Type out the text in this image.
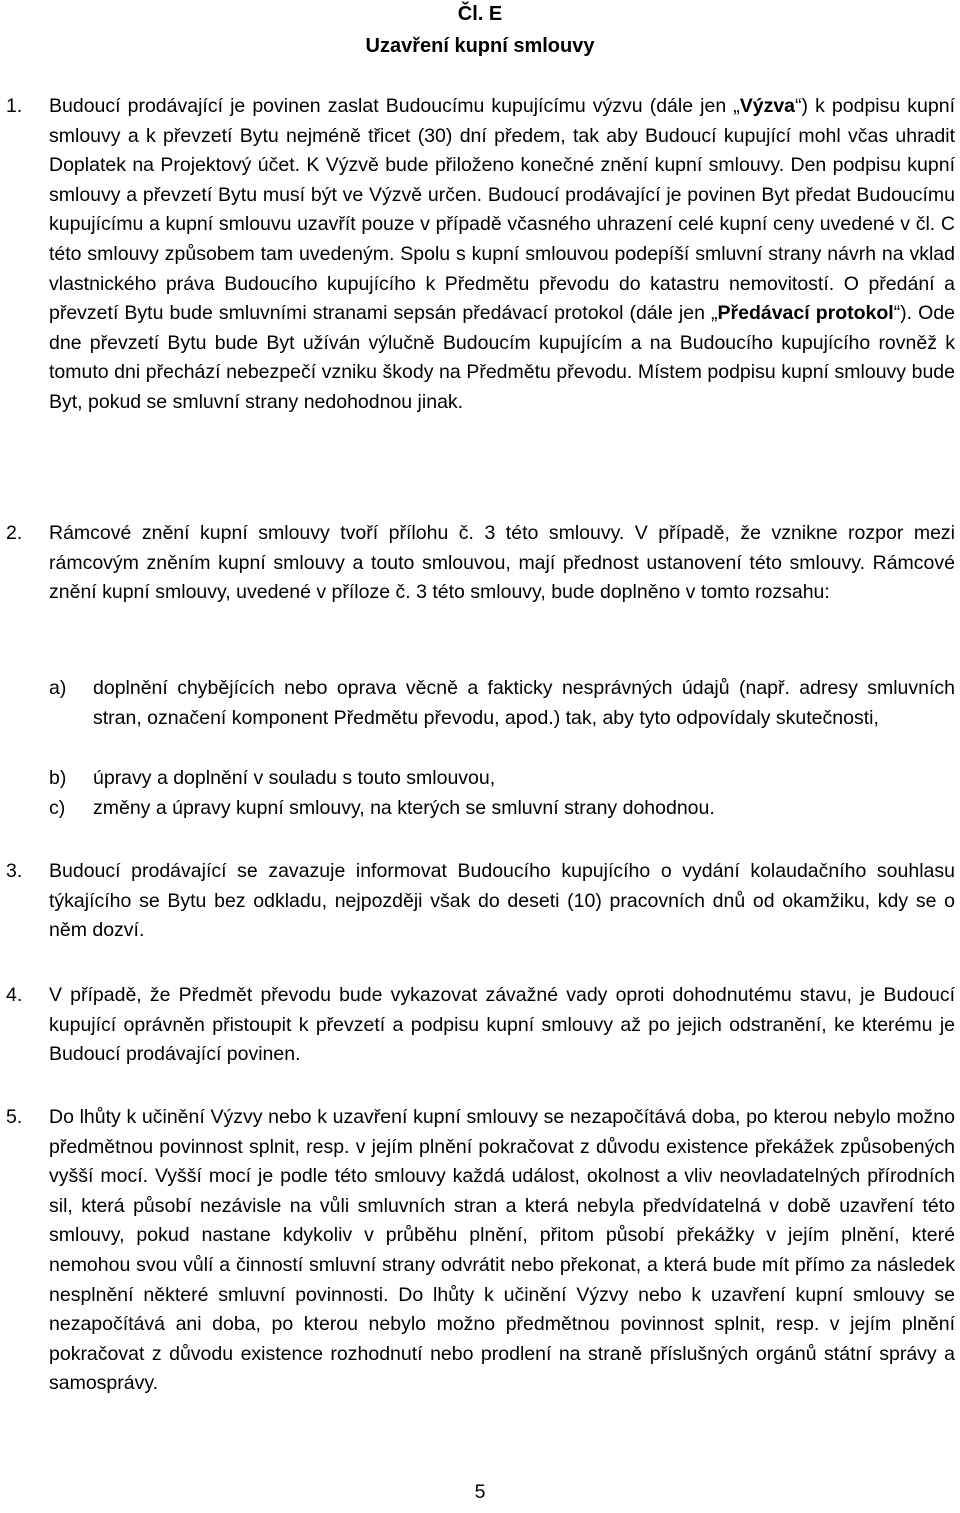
Čl. E
Uzavření kupní smlouvy
1. Budoucí prodávající je povinen zaslat Budoucímu kupujícímu výzvu (dále jen „Výzva“) k podpisu kupní smlouvy a k převzetí Bytu nejméně třicet (30) dní předem, tak aby Budoucí kupující mohl včas uhradit Doplatek na Projektový účet. K Výzvě bude přiloženo konečné znění kupní smlouvy. Den podpisu kupní smlouvy a převzetí Bytu musí být ve Výzvě určen. Budoucí prodávající je povinen Byt předat Budoucímu kupujícímu a kupní smlouvu uzavřít pouze v případě včasného uhrazení celé kupní ceny uvedené v čl. C této smlouvy způsobem tam uvedeným. Spolu s kupní smlouvou podepíší smluvní strany návrh na vklad vlastnického práva Budoucího kupujícího k Předmětu převodu do katastru nemovitostí. O předání a převzetí Bytu bude smluvními stranami sepsán předávací protokol (dále jen „Předávací protokol“). Ode dne převzetí Bytu bude Byt užíván výlučně Budoucím kupujícím a na Budoucího kupujícího rovněž k tomuto dni přechází nebezpečí vzniku škody na Předmětu převodu. Místem podpisu kupní smlouvy bude Byt, pokud se smluvní strany nedohodnou jinak.
2. Rámcové znění kupní smlouvy tvoří přílohu č. 3 této smlouvy. V případě, že vznikne rozpor mezi rámcovým zněním kupní smlouvy a touto smlouvou, mají přednost ustanovení této smlouvy. Rámcové znění kupní smlouvy, uvedené v příloze č. 3 této smlouvy, bude doplněno v tomto rozsahu:
a) doplnění chybějících nebo oprava věcně a fakticky nesprávných údajů (např. adresy smluvních stran, označení komponent Předmětu převodu, apod.) tak, aby tyto odpovídaly skutečnosti,
b) úpravy a doplnění v souladu s touto smlouvou,
c) změny a úpravy kupní smlouvy, na kterých se smluvní strany dohodnou.
3. Budoucí prodávající se zavazuje informovat Budoucího kupujícího o vydání kolaudačního souhlasu týkajícího se Bytu bez odkladu, nejpozději však do deseti (10) pracovních dnů od okamžiku, kdy se o něm dozví.
4. V případě, že Předmět převodu bude vykazovat závažné vady oproti dohodnutému stavu, je Budoucí kupující oprávněn přistoupit k převzetí a podpisu kupní smlouvy až po jejich odstranění, ke kterému je Budoucí prodávající povinen.
5. Do lhůty k učinění Výzvy nebo k uzavření kupní smlouvy se nezapočítává doba, po kterou nebylo možno předmětnou povinnost splnit, resp. v jejím plnění pokračovat z důvodu existence překážek způsobených vyšší mocí. Vyšší mocí je podle této smlouvy každá událost, okolnost a vliv neovladatelných přírodních sil, která působí nezávisle na vůli smluvních stran a která nebyla předvídatelná v době uzavření této smlouvy, pokud nastane kdykoliv v průběhu plnění, přitom působí překážky v jejím plnění, které nemohou svou vůlí a činností smluvní strany odvrátit nebo překonat, a která bude mít přímo za následek nesplnění některé smluvní povinnosti. Do lhůty k učinění Výzvy nebo k uzavření kupní smlouvy se nezapočítává ani doba, po kterou nebylo možno předmětnou povinnost splnit, resp. v jejím plnění pokračovat z důvodu existence rozhodnutí nebo prodlení na straně příslušných orgánů státní správy a samosprávy.
5
